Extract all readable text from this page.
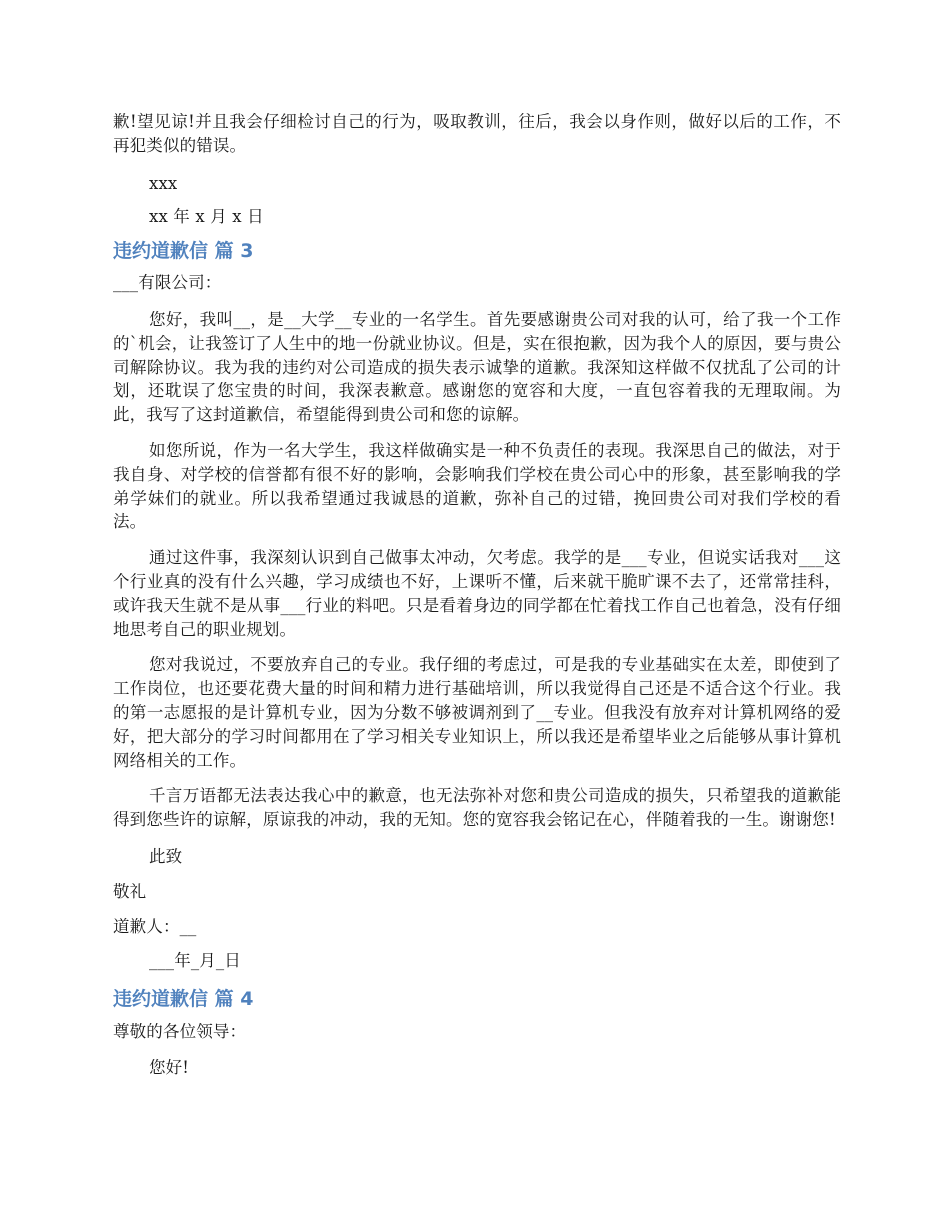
歉!望见谅!并且我会仔细检讨自己的行为，吸取教训，往后，我会以身作则，做好以后的工作，不再犯类似的错误。

xxx

xx 年 x 月 x 日

违约道歉信 篇 3

___有限公司：

您好，我叫__，是__大学__专业的一名学生。首先要感谢贵公司对我的认可，给了我一个工作的`机会，让我签订了人生中的地一份就业协议。但是，实在很抱歉，因为我个人的原因，要与贵公司解除协议。我为我的违约对公司造成的损失表示诚挚的道歉。我深知这样做不仅扰乱了公司的计划，还耽误了您宝贵的时间，我深表歉意。感谢您的宽容和大度，一直包容着我的无理取闹。为此，我写了这封道歉信，希望能得到贵公司和您的谅解。

如您所说，作为一名大学生，我这样做确实是一种不负责任的表现。我深思自己的做法，对于我自身、对学校的信誉都有很不好的影响，会影响我们学校在贵公司心中的形象，甚至影响我的学弟学妹们的就业。所以我希望通过我诚恳的道歉，弥补自己的过错，挽回贵公司对我们学校的看法。

通过这件事，我深刻认识到自己做事太冲动，欠考虑。我学的是___专业，但说实话我对___这个行业真的没有什么兴趣，学习成绩也不好，上课听不懂，后来就干脆旷课不去了，还常常挂科，或许我天生就不是从事___行业的料吧。只是看着身边的同学都在忙着找工作自己也着急，没有仔细地思考自己的职业规划。

您对我说过，不要放弃自己的专业。我仔细的考虑过，可是我的专业基础实在太差，即使到了工作岗位，也还要花费大量的时间和精力进行基础培训，所以我觉得自己还是不适合这个行业。我的第一志愿报的是计算机专业，因为分数不够被调剂到了__专业。但我没有放弃对计算机网络的爱好，把大部分的学习时间都用在了学习相关专业知识上，所以我还是希望毕业之后能够从事计算机网络相关的工作。

千言万语都无法表达我心中的歉意，也无法弥补对您和贵公司造成的损失，只希望我的道歉能得到您些许的谅解，原谅我的冲动，我的无知。您的宽容我会铭记在心，伴随着我的一生。谢谢您!

此致

敬礼

道歉人：__

___年_月_日

违约道歉信 篇 4

尊敬的各位领导：

您好!
